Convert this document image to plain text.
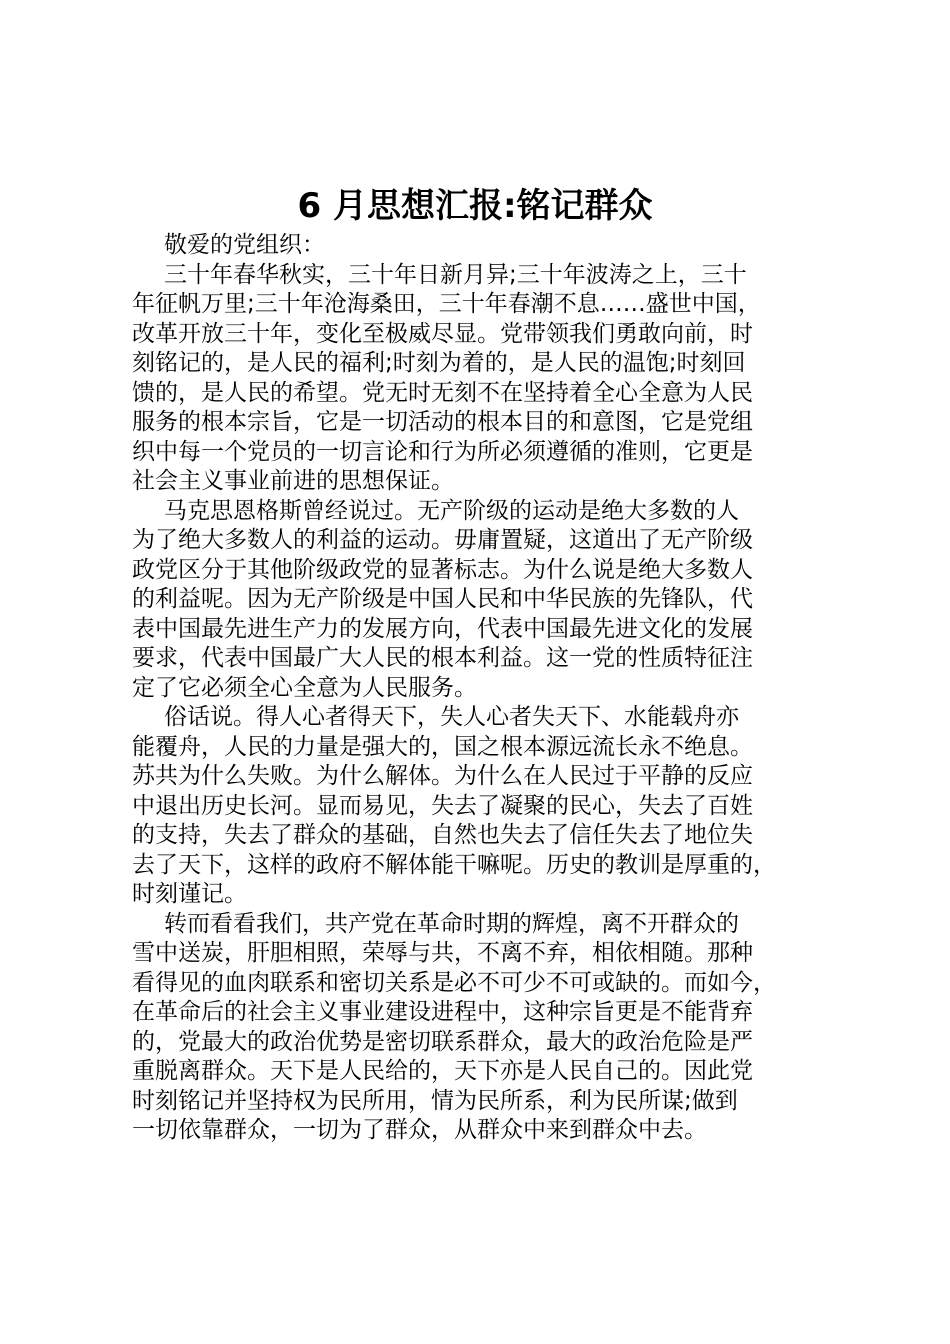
6 月思想汇报:铭记群众
敬爱的党组织：

三十年春华秋实，三十年日新月异;三十年波涛之上，三十
年征帆万里;三十年沧海桑田，三十年春潮不息……盛世中国，
改革开放三十年，变化至极威尽显。党带领我们勇敢向前，时
刻铭记的，是人民的福利;时刻为着的，是人民的温饱;时刻回
馈的，是人民的希望。党无时无刻不在坚持着全心全意为人民
服务的根本宗旨，它是一切活动的根本目的和意图，它是党组
织中每一个党员的一切言论和行为所必须遵循的准则，它更是
社会主义事业前进的思想保证。

马克思恩格斯曾经说过。无产阶级的运动是绝大多数的人
为了绝大多数人的利益的运动。毋庸置疑，这道出了无产阶级
政党区分于其他阶级政党的显著标志。为什么说是绝大多数人
的利益呢。因为无产阶级是中国人民和中华民族的先锋队，代
表中国最先进生产力的发展方向，代表中国最先进文化的发展
要求，代表中国最广大人民的根本利益。这一党的性质特征注
定了它必须全心全意为人民服务。

俗话说。得人心者得天下，失人心者失天下、水能载舟亦
能覆舟，人民的力量是强大的，国之根本源远流长永不绝息。
苏共为什么失败。为什么解体。为什么在人民过于平静的反应
中退出历史长河。显而易见，失去了凝聚的民心，失去了百姓
的支持，失去了群众的基础，自然也失去了信任失去了地位失
去了天下，这样的政府不解体能干嘛呢。历史的教训是厚重的，
时刻谨记。

转而看看我们，共产党在革命时期的辉煌，离不开群众的
雪中送炭，肝胆相照，荣辱与共，不离不弃，相依相随。那种
看得见的血肉联系和密切关系是必不可少不可或缺的。而如今，
在革命后的社会主义事业建设进程中，这种宗旨更是不能背弃
的，党最大的政治优势是密切联系群众，最大的政治危险是严
重脱离群众。天下是人民给的，天下亦是人民自己的。因此党
时刻铭记并坚持权为民所用，情为民所系，利为民所谋;做到
一切依靠群众，一切为了群众，从群众中来到群众中去。
